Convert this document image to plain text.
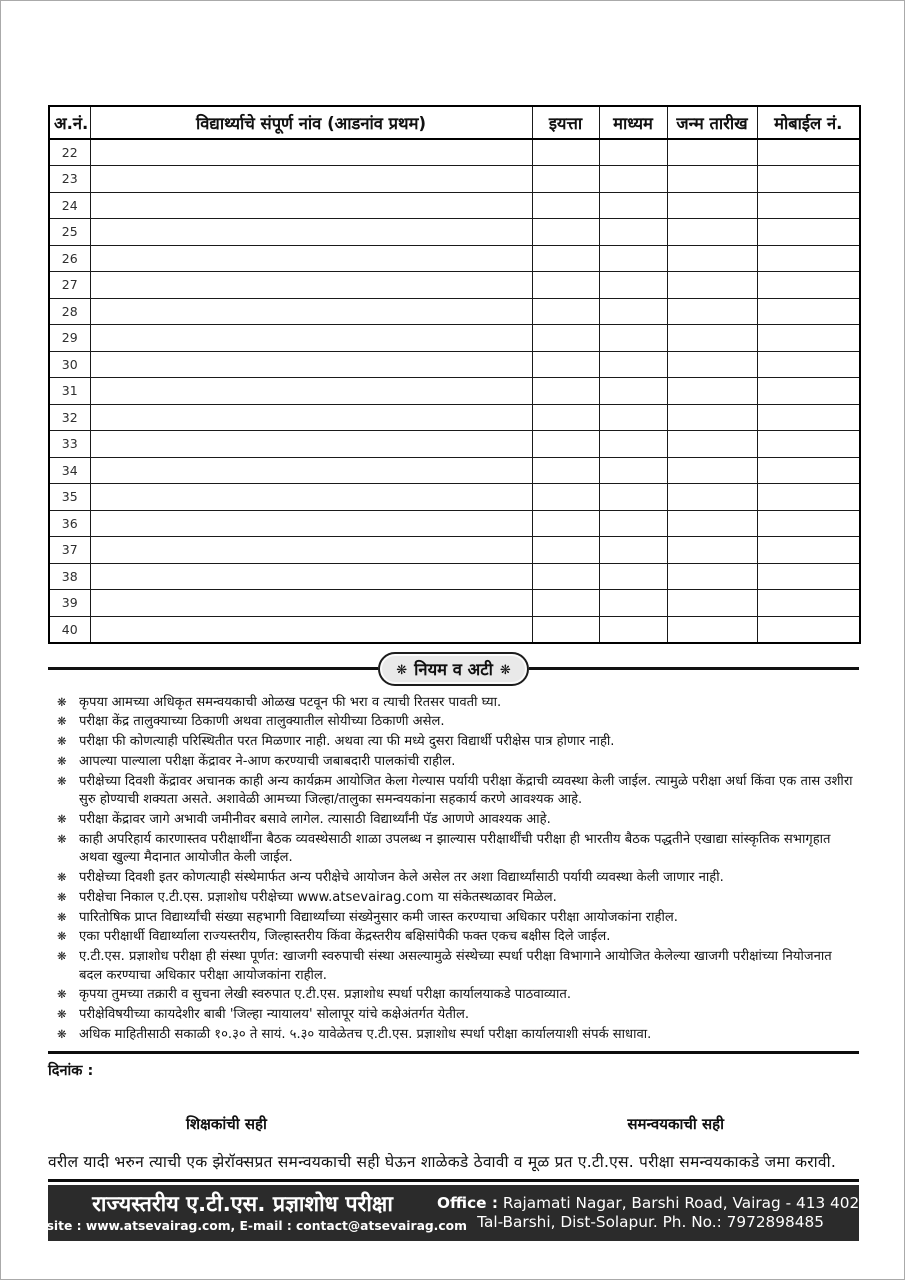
अ.नं.	विद्यार्थ्याचे संपूर्ण नांव (आडनांव प्रथम)	इयत्ता	माध्यम	जन्म तारीख	मोबाईल नं.
22					
23					
24					
25					
26					
27					
28					
29					
30					
31					
32					
33					
34					
35					
36					
37					
38					
39					
40					
❋ नियम व अटी ❋
❋ कृपया आमच्या अधिकृत समन्वयकाची ओळख पटवून फी भरा व त्याची रितसर पावती घ्या.
❋ परीक्षा केंद्र तालुक्याच्या ठिकाणी अथवा तालुक्यातील सोयीच्या ठिकाणी असेल.
❋ परीक्षा फी कोणत्याही परिस्थितीत परत मिळणार नाही. अथवा त्या फी मध्ये दुसरा विद्यार्थी परीक्षेस पात्र होणार नाही.
❋ आपल्या पाल्याला परीक्षा केंद्रावर ने-आण करण्याची जबाबदारी पालकांची राहील.
❋ परीक्षेच्या दिवशी केंद्रावर अचानक काही अन्य कार्यक्रम आयोजित केला गेल्यास पर्यायी परीक्षा केंद्राची व्यवस्था केली जाईल. त्यामुळे परीक्षा अर्धा किंवा एक तास उशीरा सुरु होण्याची शक्यता असते. अशावेळी आमच्या जिल्हा/तालुका समन्वयकांना सहकार्य करणे आवश्यक आहे.
❋ परीक्षा केंद्रावर जागे अभावी जमीनीवर बसावे लागेल. त्यासाठी विद्यार्थ्यांनी पॅड आणणे आवश्यक आहे.
❋ काही अपरिहार्य कारणास्तव परीक्षार्थींना बैठक व्यवस्थेसाठी शाळा उपलब्ध न झाल्यास परीक्षार्थींची परीक्षा ही भारतीय बैठक पद्धतीने एखाद्या सांस्कृतिक सभागृहात अथवा खुल्या मैदानात आयोजीत केली जाईल.
❋ परीक्षेच्या दिवशी इतर कोणत्याही संस्थेमार्फत अन्य परीक्षेचे आयोजन केले असेल तर अशा विद्यार्थ्यांसाठी पर्यायी व्यवस्था केली जाणार नाही.
❋ परीक्षेचा निकाल ए.टी.एस. प्रज्ञाशोध परीक्षेच्या www.atsevairag.com या संकेतस्थळावर मिळेल.
❋ पारितोषिक प्राप्त विद्यार्थ्यांची संख्या सहभागी विद्यार्थ्यांच्या संख्येनुसार कमी जास्त करण्याचा अधिकार परीक्षा आयोजकांना राहील.
❋ एका परीक्षार्थी विद्यार्थ्याला राज्यस्तरीय, जिल्हास्तरीय किंवा केंद्रस्तरीय बक्षिसांपैकी फक्त एकच बक्षीस दिले जाईल.
❋ ए.टी.एस. प्रज्ञाशोध परीक्षा ही संस्था पूर्णत: खाजगी स्वरुपाची संस्था असल्यामुळे संस्थेच्या स्पर्धा परीक्षा विभागाने आयोजित केलेल्या खाजगी परीक्षांच्या नियोजनात बदल करण्याचा अधिकार परीक्षा आयोजकांना राहील.
❋ कृपया तुमच्या तक्रारी व सुचना लेखी स्वरुपात ए.टी.एस. प्रज्ञाशोध स्पर्धा परीक्षा कार्यालयाकडे पाठवाव्यात.
❋ परीक्षेविषयीच्या कायदेशीर बाबी 'जिल्हा न्यायालय' सोलापूर यांचे कक्षेअंतर्गत येतील.
❋ अधिक माहितीसाठी सकाळी १०.३० ते सायं. ५.३० यावेळेतच ए.टी.एस. प्रज्ञाशोध स्पर्धा परीक्षा कार्यालयाशी संपर्क साधावा.
दिनांक :
शिक्षकांची सही	समन्वयकाची सही
वरील यादी भरुन त्याची एक झेरॉक्सप्रत समन्वयकाची सही घेऊन शाळेकडे ठेवावी व मूळ प्रत ए.टी.एस. परीक्षा समन्वयकाकडे जमा करावी.
राज्यस्तरीय ए.टी.एस. प्रज्ञाशोध परीक्षा
website : www.atsevairag.com, E-mail : contact@atsevairag.com
Office : Rajamati Nagar, Barshi Road, Vairag - 413 402.
Tal-Barshi, Dist-Solapur. Ph. No.: 7972898485
